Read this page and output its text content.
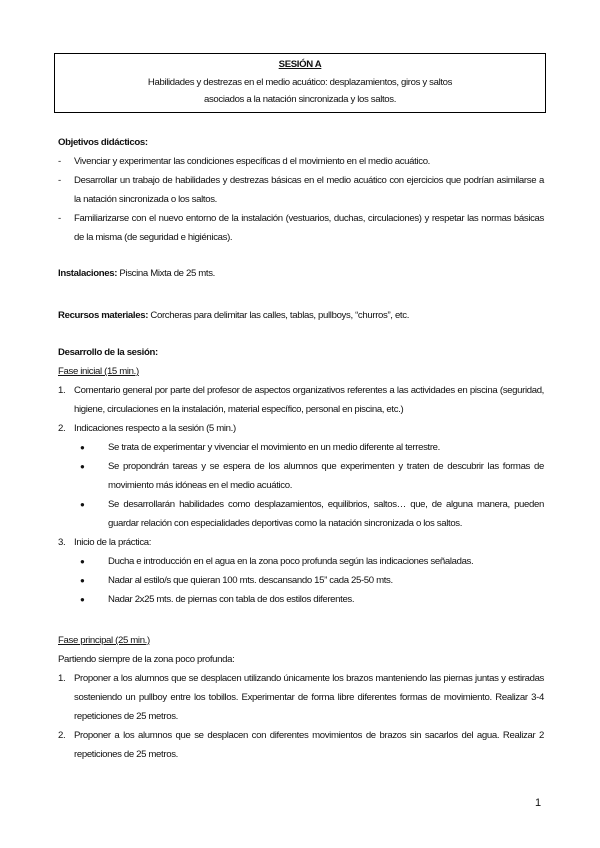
SESIÓN A
Habilidades y destrezas en el medio acuático: desplazamientos, giros y saltos
asociados a la natación sincronizada y los saltos.
Objetivos didácticos:
- Vivenciar y experimentar las condiciones específicas d el movimiento en el medio acuático.
- Desarrollar un trabajo de habilidades y destrezas básicas en el medio acuático con ejercicios que podrían asimilarse a la natación sincronizada o los saltos.
- Familiarizarse con el nuevo entorno de la instalación (vestuarios, duchas, circulaciones) y respetar las normas básicas de la misma (de seguridad e higiénicas).
Instalaciones: Piscina Mixta de 25 mts.
Recursos materiales: Corcheras para delimitar las calles, tablas, pullboys, “churros”, etc.
Desarrollo de la sesión:
Fase inicial (15 min.)
1. Comentario general por parte del profesor de aspectos organizativos referentes a las actividades en piscina (seguridad, higiene, circulaciones en la instalación, material específico, personal en piscina, etc.)
2. Indicaciones respecto a la sesión (5 min.)
● Se trata de experimentar y vivenciar el movimiento en un medio diferente al terrestre.
● Se propondrán tareas y se espera de los alumnos que experimenten y traten de descubrir las formas de movimiento más idóneas en el medio acuático.
● Se desarrollarán habilidades como desplazamientos, equilibrios, saltos… que, de alguna manera, pueden guardar relación con especialidades deportivas como la natación sincronizada o los saltos.
3. Inicio de la práctica:
● Ducha e introducción en el agua en la zona poco profunda según las indicaciones señaladas.
● Nadar al estilo/s que quieran 100 mts. descansando 15” cada 25-50 mts.
● Nadar 2x25 mts. de piernas con tabla de dos estilos diferentes.
Fase principal (25 min.)
Partiendo siempre de la zona poco profunda:
1. Proponer a los alumnos que se desplacen utilizando únicamente los brazos manteniendo las piernas juntas y estiradas sosteniendo un pullboy entre los tobillos. Experimentar de forma libre diferentes formas de movimiento. Realizar 3-4 repeticiones de 25 metros.
2. Proponer a los alumnos que se desplacen con diferentes movimientos de brazos sin sacarlos del agua. Realizar 2 repeticiones de 25 metros.
1
